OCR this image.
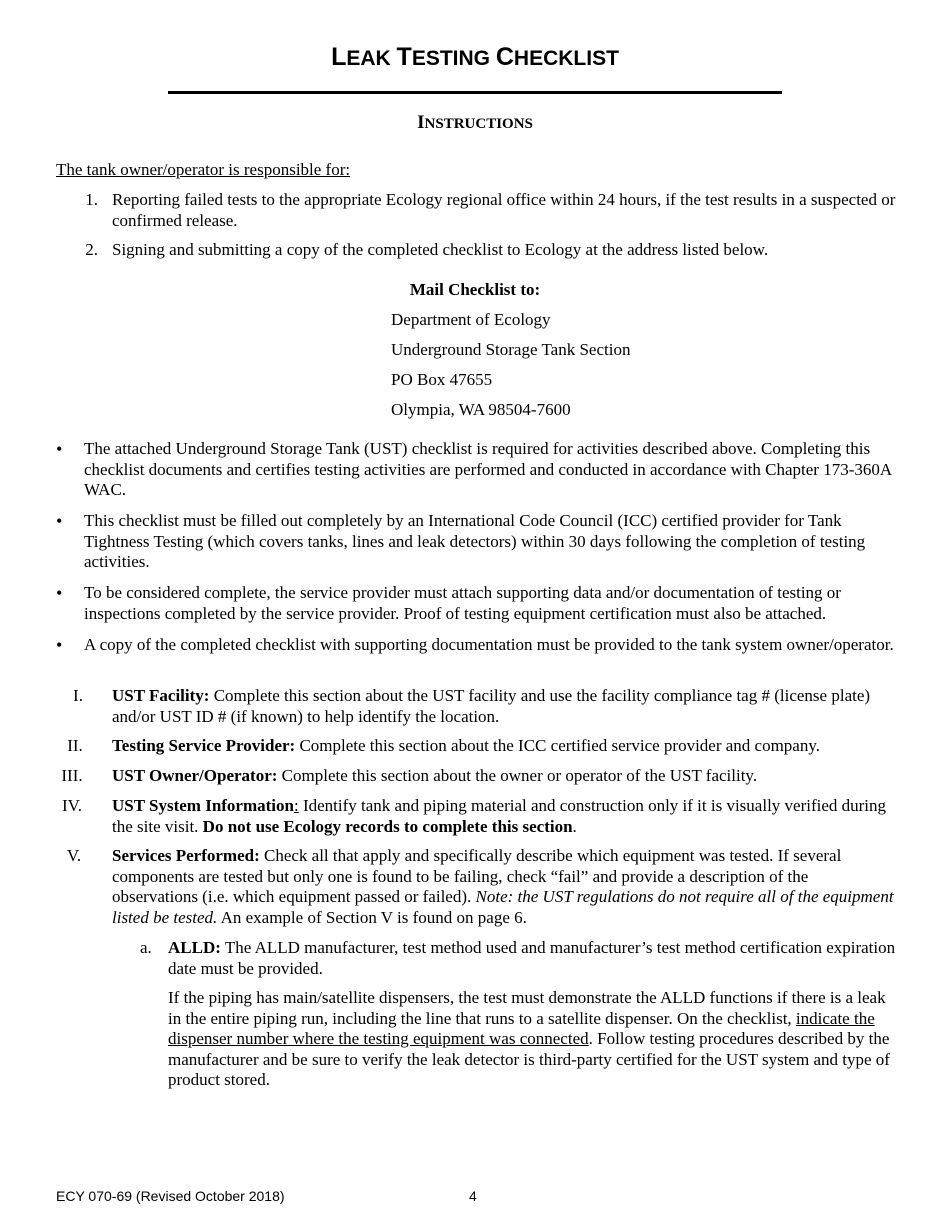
LEAK TESTING CHECKLIST
INSTRUCTIONS
The tank owner/operator is responsible for:
1. Reporting failed tests to the appropriate Ecology regional office within 24 hours, if the test results in a suspected or confirmed release.
2. Signing and submitting a copy of the completed checklist to Ecology at the address listed below.
Mail Checklist to:
Department of Ecology
Underground Storage Tank Section
PO Box 47655
Olympia, WA 98504-7600
• The attached Underground Storage Tank (UST) checklist is required for activities described above. Completing this checklist documents and certifies testing activities are performed and conducted in accordance with Chapter 173-360A WAC.
• This checklist must be filled out completely by an International Code Council (ICC) certified provider for Tank Tightness Testing (which covers tanks, lines and leak detectors) within 30 days following the completion of testing activities.
• To be considered complete, the service provider must attach supporting data and/or documentation of testing or inspections completed by the service provider. Proof of testing equipment certification must also be attached.
• A copy of the completed checklist with supporting documentation must be provided to the tank system owner/operator.
I.	UST Facility: Complete this section about the UST facility and use the facility compliance tag # (license plate) and/or UST ID # (if known) to help identify the location.
II.	Testing Service Provider: Complete this section about the ICC certified service provider and company.
III. UST Owner/Operator: Complete this section about the owner or operator of the UST facility.
IV. UST System Information: Identify tank and piping material and construction only if it is visually verified during the site visit. Do not use Ecology records to complete this section.
V.	Services Performed: Check all that apply and specifically describe which equipment was tested. If several components are tested but only one is found to be failing, check “fail” and provide a description of the observations (i.e. which equipment passed or failed). Note: the UST regulations do not require all of the equipment listed be tested. An example of Section V is found on page 6.
a. ALLD: The ALLD manufacturer, test method used and manufacturer’s test method certification expiration date must be provided.
If the piping has main/satellite dispensers, the test must demonstrate the ALLD functions if there is a leak in the entire piping run, including the line that runs to a satellite dispenser. On the checklist, indicate the dispenser number where the testing equipment was connected. Follow testing procedures described by the manufacturer and be sure to verify the leak detector is third-party certified for the UST system and type of product stored.
ECY 070-69 (Revised October 2018)	4
